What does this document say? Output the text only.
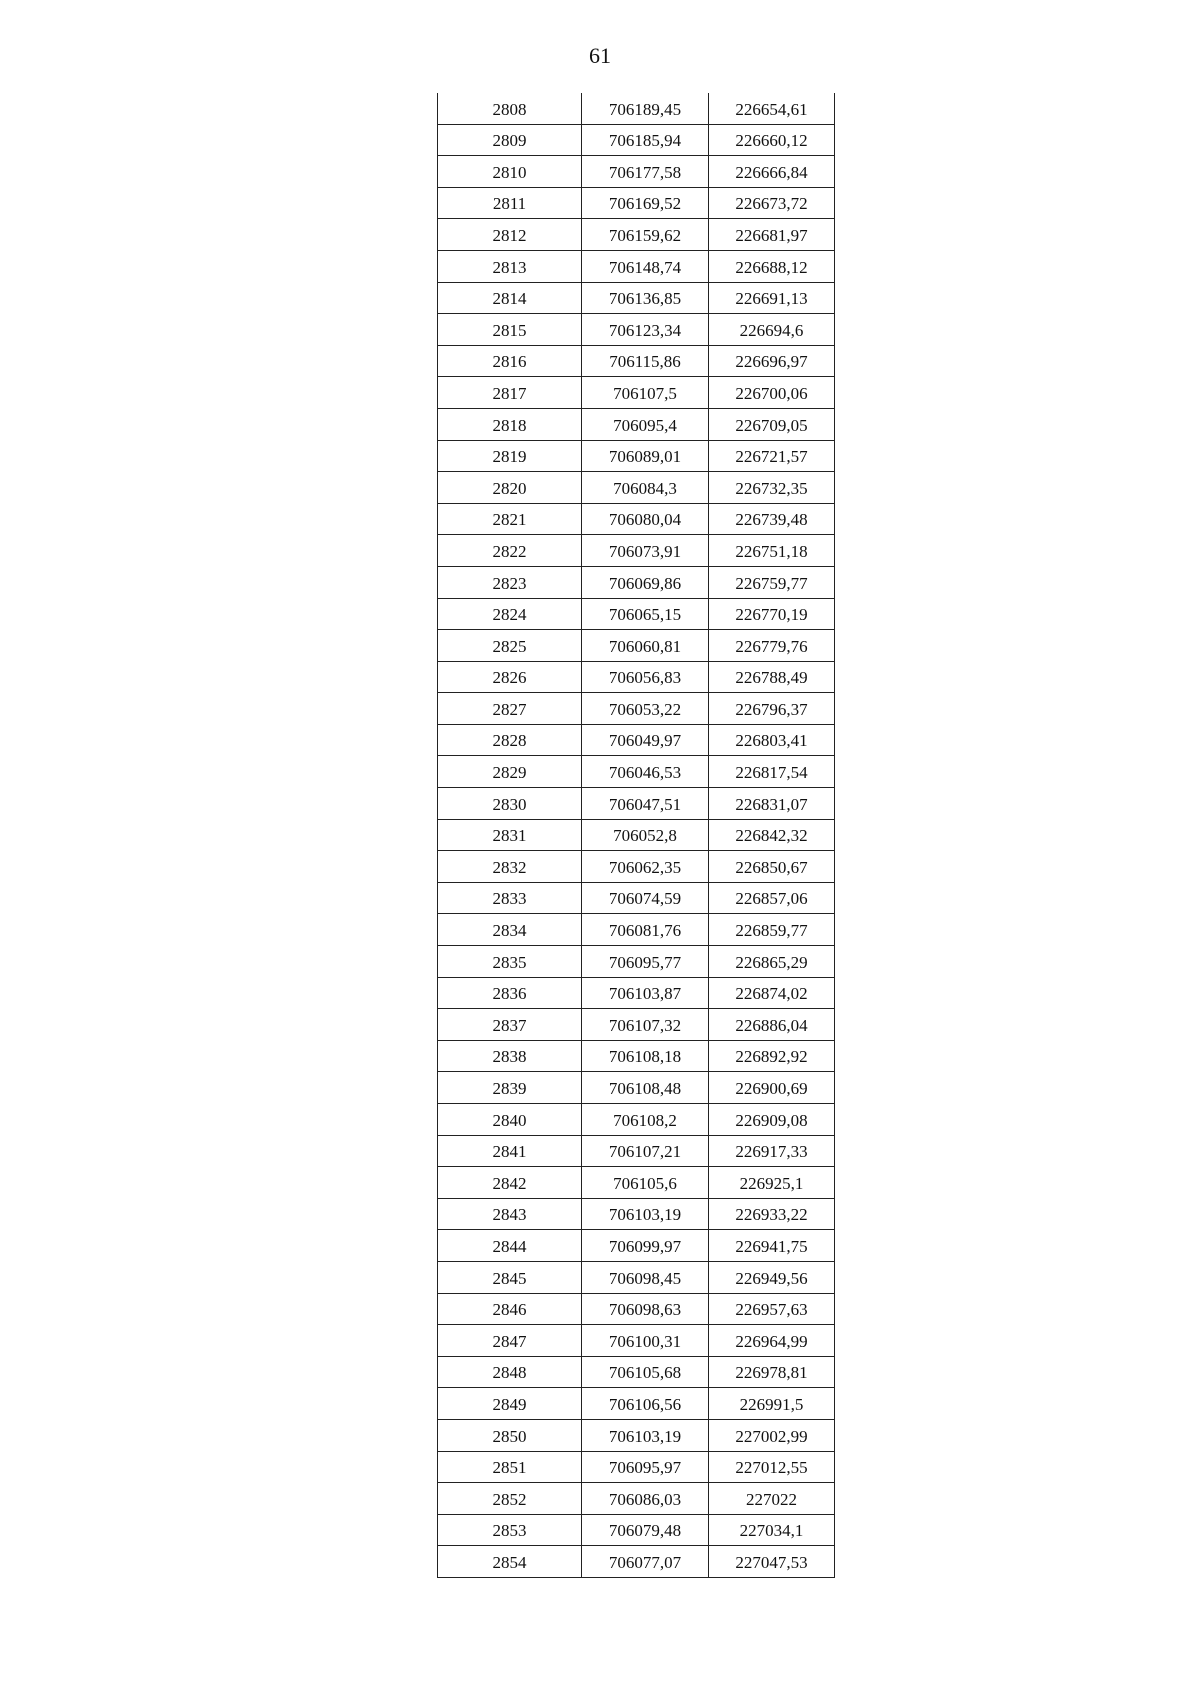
61
2808	706189,45	226654,61
2809	706185,94	226660,12
2810	706177,58	226666,84
2811	706169,52	226673,72
2812	706159,62	226681,97
2813	706148,74	226688,12
2814	706136,85	226691,13
2815	706123,34	226694,6
2816	706115,86	226696,97
2817	706107,5	226700,06
2818	706095,4	226709,05
2819	706089,01	226721,57
2820	706084,3	226732,35
2821	706080,04	226739,48
2822	706073,91	226751,18
2823	706069,86	226759,77
2824	706065,15	226770,19
2825	706060,81	226779,76
2826	706056,83	226788,49
2827	706053,22	226796,37
2828	706049,97	226803,41
2829	706046,53	226817,54
2830	706047,51	226831,07
2831	706052,8	226842,32
2832	706062,35	226850,67
2833	706074,59	226857,06
2834	706081,76	226859,77
2835	706095,77	226865,29
2836	706103,87	226874,02
2837	706107,32	226886,04
2838	706108,18	226892,92
2839	706108,48	226900,69
2840	706108,2	226909,08
2841	706107,21	226917,33
2842	706105,6	226925,1
2843	706103,19	226933,22
2844	706099,97	226941,75
2845	706098,45	226949,56
2846	706098,63	226957,63
2847	706100,31	226964,99
2848	706105,68	226978,81
2849	706106,56	226991,5
2850	706103,19	227002,99
2851	706095,97	227012,55
2852	706086,03	227022
2853	706079,48	227034,1
2854	706077,07	227047,53
